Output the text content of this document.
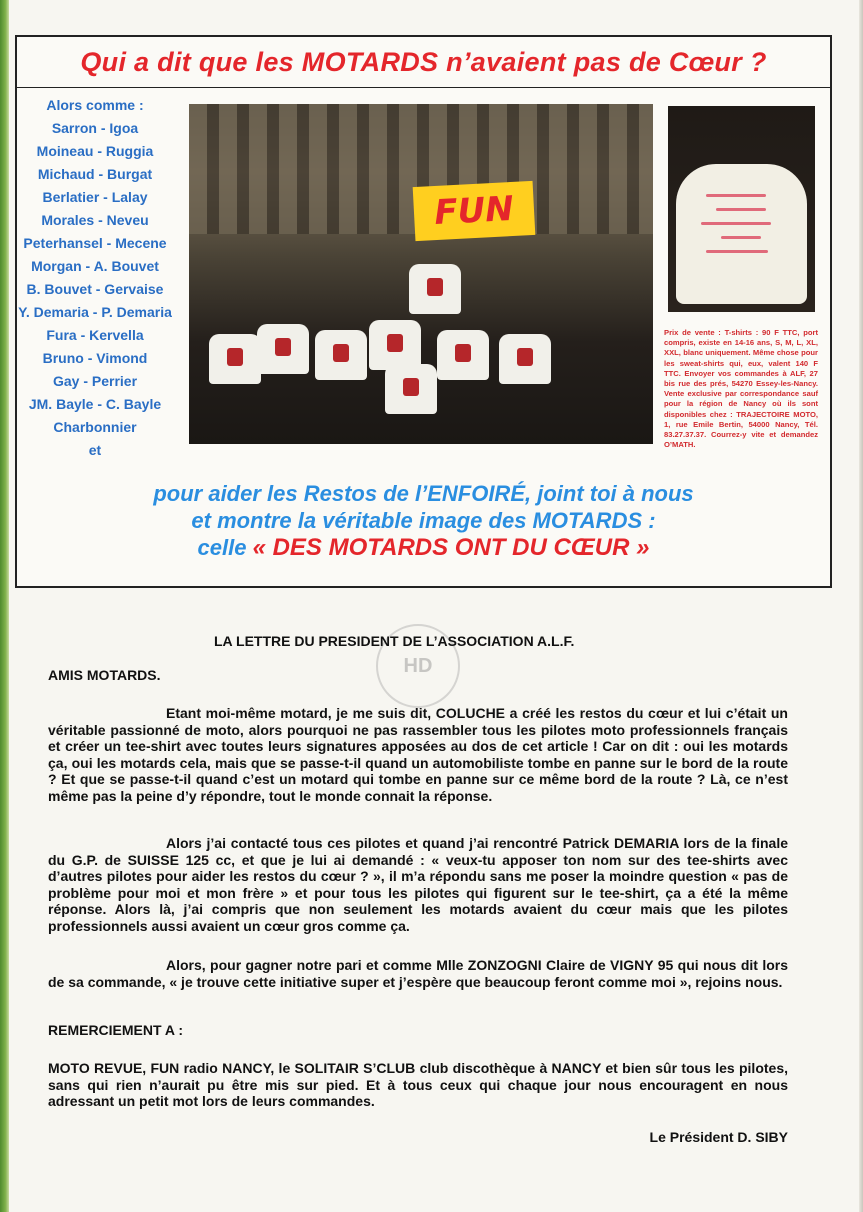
Qui a dit que les MOTARDS n’avaient pas de Cœur ?
Alors comme :
Sarron - Igoa
Moineau - Ruggia
Michaud - Burgat
Berlatier - Lalay
Morales - Neveu
Peterhansel - Mecene
Morgan - A. Bouvet
B. Bouvet - Gervaise
Y. Demaria - P. Demaria
Fura - Kervella
Bruno - Vimond
Gay - Perrier
JM. Bayle - C. Bayle
Charbonnier
et
FUN
Prix de vente : T-shirts : 90 F TTC, port compris, existe en 14-16 ans, S, M, L, XL, XXL, blanc uniquement. Même chose pour les sweat-shirts qui, eux, valent 140 F TTC. Envoyer vos commandes à ALF, 27 bis rue des prés, 54270 Essey-les-Nancy. Vente exclusive par correspondance sauf pour la région de Nancy où ils sont disponibles chez : TRAJECTOIRE MOTO, 1, rue Emile Bertin, 54000 Nancy, Tél. 83.27.37.37. Courrez-y vite et demandez O’MATH.
pour aider les Restos de l’ENFOIRÉ, joint toi à nous
et montre la véritable image des MOTARDS :
celle « DES MOTARDS ONT DU CŒUR »
HD
LA LETTRE DU PRESIDENT DE L’ASSOCIATION A.L.F.
AMIS MOTARDS.
Etant moi-même motard, je me suis dit, COLUCHE a créé les restos du cœur et lui c’était un véritable passionné de moto, alors pourquoi ne pas rassembler tous les pilotes moto professionnels français et créer un tee-shirt avec toutes leurs signatures apposées au dos de cet article ! Car on dit : oui les motards ça, oui les motards cela, mais que se passe-t-il quand un automobiliste tombe en panne sur le bord de la route ? Et que se passe-t-il quand c’est un motard qui tombe en panne sur ce même bord de la route ? Là, ce n’est même pas la peine d’y répondre, tout le monde connait la réponse.
Alors j’ai contacté tous ces pilotes et quand j’ai rencontré Patrick DEMARIA lors de la finale du G.P. de SUISSE 125 cc, et que je lui ai demandé : « veux-tu apposer ton nom sur des tee-shirts avec d’autres pilotes pour aider les restos du cœur ? », il m’a répondu sans me poser la moindre question « pas de problème pour moi et mon frère » et pour tous les pilotes qui figurent sur le tee-shirt, ça a été la même réponse. Alors là, j’ai compris que non seulement les motards avaient du cœur mais que les pilotes professionnels aussi avaient un cœur gros comme ça.
Alors, pour gagner notre pari et comme Mlle ZONZOGNI Claire de VIGNY 95 qui nous dit lors de sa commande, « je trouve cette initiative super et j’espère que beaucoup feront comme moi », rejoins nous.
REMERCIEMENT A :
MOTO REVUE, FUN radio NANCY, le SOLITAIR S’CLUB club discothèque à NANCY et bien sûr tous les pilotes, sans qui rien n’aurait pu être mis sur pied. Et à tous ceux qui chaque jour nous encouragent en nous adressant un petit mot lors de leurs commandes.
Le Président D. SIBY
